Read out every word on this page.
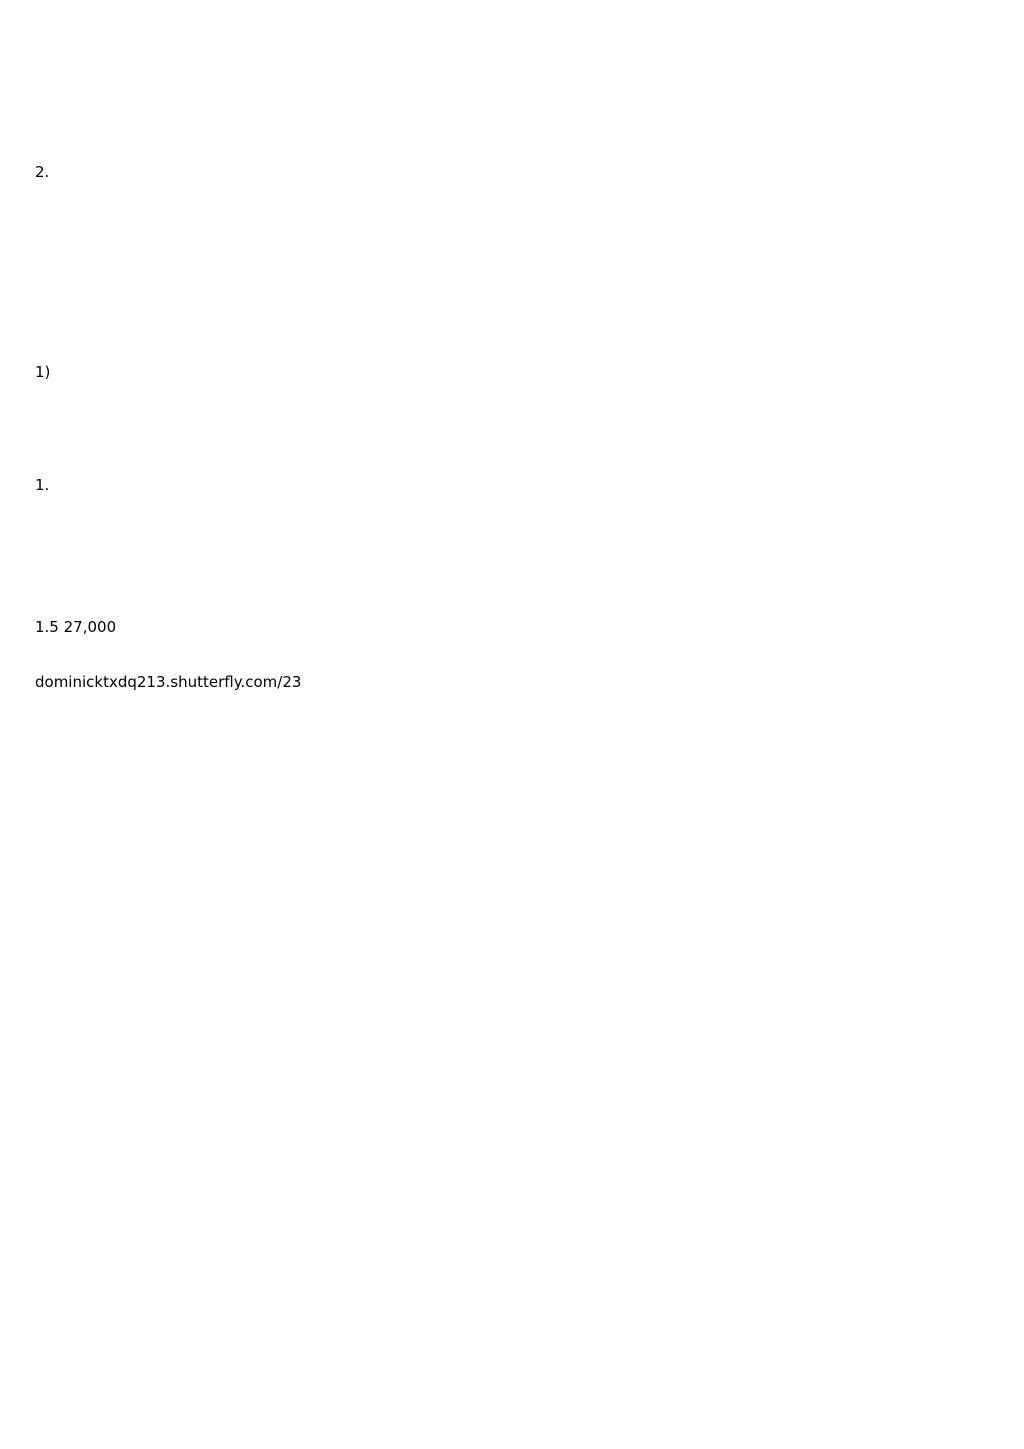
2.
1)
1.
1.5 27,000
dominicktxdq213.shutterfly.com/23
